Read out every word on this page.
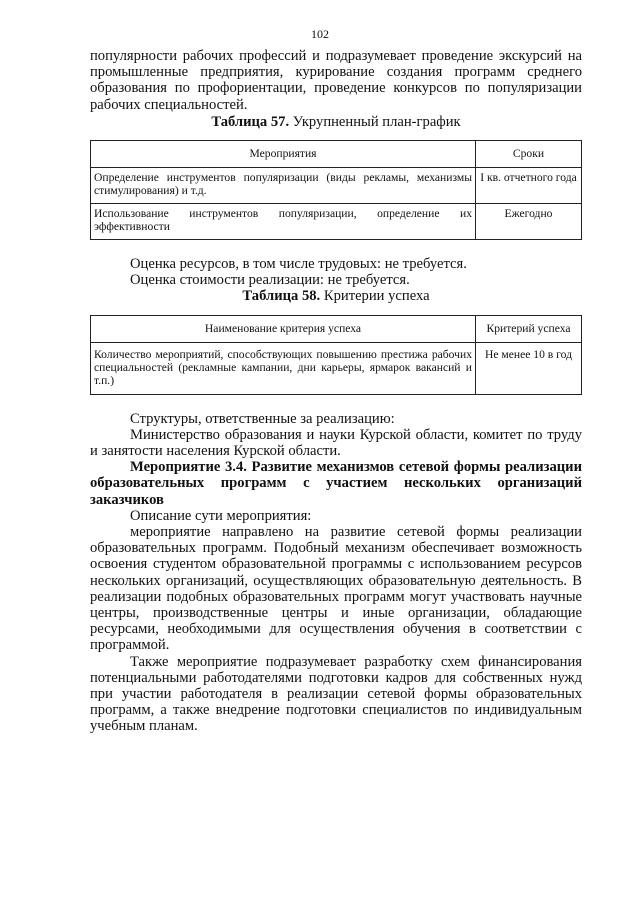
102

популярности рабочих профессий и подразумевает проведение экскурсий на промышленные предприятия, курирование создания программ среднего образования по профориентации, проведение конкурсов по популяризации рабочих специальностей.

Таблица 57. Укрупненный план-график
Мероприятия	Сроки
Определение инструментов популяризации (виды рекламы, механизмы стимулирования) и т.д.	I кв. отчетного года
Использование инструментов популяризации, определение их эффективности	Ежегодно

Оценка ресурсов, в том числе трудовых: не требуется.

Оценка стоимости реализации: не требуется.

Таблица 58. Критерии успеха
Наименование критерия успеха	Критерий успеха
Количество мероприятий, способствующих повышению престижа рабочих специальностей (рекламные кампании, дни карьеры, ярмарок вакансий и т.п.)	Не менее 10 в год

Структуры, ответственные за реализацию:

Министерство образования и науки Курской области, комитет по труду и занятости населения Курской области.

Мероприятие 3.4. Развитие механизмов сетевой формы реализации образовательных программ с участием нескольких организаций заказчиков

Описание сути мероприятия:

мероприятие направлено на развитие сетевой формы реализации образовательных программ. Подобный механизм обеспечивает возможность освоения студентом образовательной программы с использованием ресурсов нескольких организаций, осуществляющих образовательную деятельность. В реализации подобных образовательных программ могут участвовать научные центры, производственные центры и иные организации, обладающие ресурсами, необходимыми для осуществления обучения в соответствии с программой.

Также мероприятие подразумевает разработку схем финансирования потенциальными работодателями подготовки кадров для собственных нужд при участии работодателя в реализации сетевой формы образовательных программ, а также внедрение подготовки специалистов по индивидуальным учебным планам.
